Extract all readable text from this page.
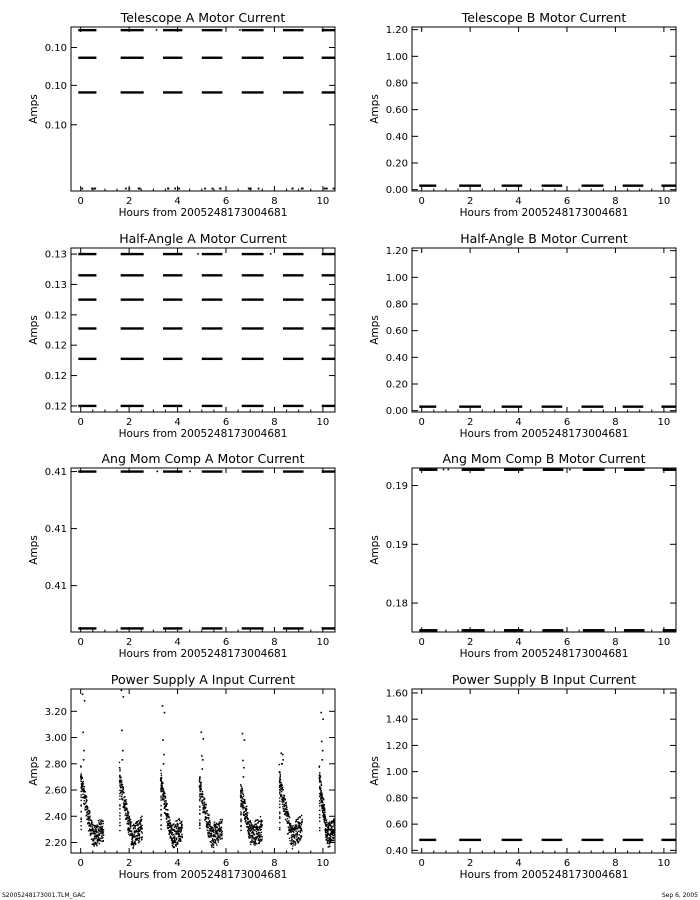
Telescope A Motor Current
0	2	4	6	8	10
Hours from 2005248173004681
0.10
0.10
0.10
Amps
Telescope B Motor Current
0	2	4	6	8	10
Hours from 2005248173004681
0.00
0.20
0.40
0.60
0.80
1.00
1.20
Amps
Half-Angle A Motor Current
0	2	4	6	8	10
Hours from 2005248173004681
0.12
0.12
0.12
0.12
0.13
0.13
Amps
Half-Angle B Motor Current
0	2	4	6	8	10
Hours from 2005248173004681
0.00
0.20
0.40
0.60
0.80
1.00
1.20
Amps
Ang Mom Comp A Motor Current
0	2	4	6	8	10
Hours from 2005248173004681
0.41
0.41
0.41
Amps
Ang Mom Comp B Motor Current
0	2	4	6	8	10
Hours from 2005248173004681
0.18
0.19
0.19
Amps
Power Supply A Input Current
0	2	4	6	8	10
Hours from 2005248173004681
2.20
2.40
2.60
2.80
3.00
3.20
Amps
Power Supply B Input Current
0	2	4	6	8	10
Hours from 2005248173004681
0.40
0.60
0.80
1.00
1.20
1.40
1.60
Amps
S2005248173001.TLM_GAC	Sep 6, 2005
